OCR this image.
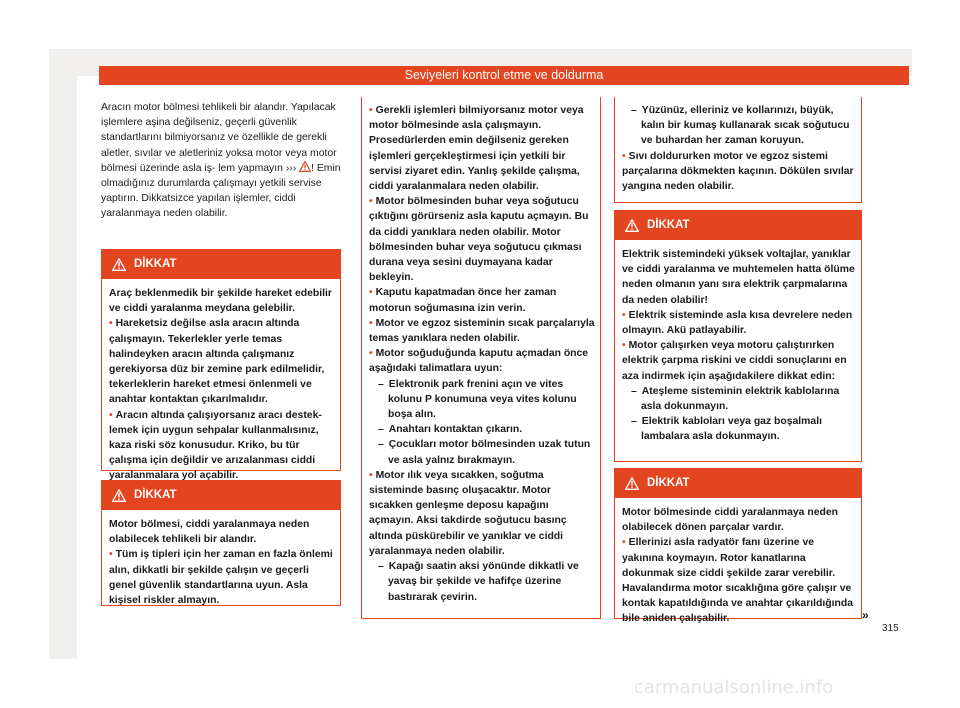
Seviyeleri kontrol etme ve doldurma
Aracın motor bölmesi tehlikeli bir alandır. Yapılacak işlemlere aşina değilseniz, geçerli güvenlik standartlarını bilmiyorsanız ve özellikle de gerekli aletler, sıvılar ve aletleriniz yoksa motor veya motor bölmesi üzerinde asla iş- lem yapmayın ››› ! Emin olmadığınız durumlarda çalışmayı yetkili servise yaptırın. Dikkatsizce yapılan işlemler, ciddi yaralanmaya neden olabilir.
DİKKAT

Araç beklenmedik bir şekilde hareket edebilir ve ciddi yaralanma meydana gelebilir.

• Hareketsiz değilse asla aracın altında çalışmayın. Tekerlekler yerle temas halindeyken aracın altında çalışmanız gerekiyorsa düz bir zemine park edilmelidir, tekerleklerin hareket etmesi önlenmeli ve anahtar kontaktan çıkarılmalıdır.

• Aracın altında çalışıyorsanız aracı destek- lemek için uygun sehpalar kullanmalısınız, kaza riski söz konusudur. Kriko, bu tür çalışma için değildir ve arızalanması ciddi yaralanmalara yol açabilir.

DİKKAT

Motor bölmesi, ciddi yaralanmaya neden olabilecek tehlikeli bir alandır.

• Tüm iş tipleri için her zaman en fazla önlemi alın, dikkatli bir şekilde çalışın ve geçerli genel güvenlik standartlarına uyun. Asla kişisel riskler almayın.

• Gerekli işlemleri bilmiyorsanız motor veya motor bölmesinde asla çalışmayın. Prosedürlerden emin değilseniz gereken işlemleri gerçekleştirmesi için yetkili bir servisi ziyaret edin. Yanlış şekilde çalışma, ciddi yaralanmalara neden olabilir.

• Motor bölmesinden buhar veya soğutucu çıktığını görürseniz asla kaputu açmayın. Bu da ciddi yanıklara neden olabilir. Motor bölmesinden buhar veya soğutucu çıkması durana veya sesini duymayana kadar bekleyin.

• Kaputu kapatmadan önce her zaman motorun soğumasına izin verin.

• Motor ve egzoz sisteminin sıcak parçalarıyla temas yanıklara neden olabilir.

• Motor soğuduğunda kaputu açmadan önce aşağıdaki talimatlara uyun:

– Elektronik park frenini açın ve vites kolunu P konumuna veya vites kolunu boşa alın.

– Anahtarı kontaktan çıkarın.

– Çocukları motor bölmesinden uzak tutun ve asla yalnız bırakmayın.

• Motor ılık veya sıcakken, soğutma sisteminde basınç oluşacaktır. Motor sıcakken genleşme deposu kapağını açmayın. Aksi takdirde soğutucu basınç altında püskürebilir ve yanıklar ve ciddi yaralanmaya neden olabilir.

– Kapağı saatin aksi yönünde dikkatli ve yavaş bir şekilde ve hafifçe üzerine bastırarak çevirin.

– Yüzünüz, elleriniz ve kollarınızı, büyük, kalın bir kumaş kullanarak sıcak soğutucu ve buhardan her zaman koruyun.

• Sıvı doldururken motor ve egzoz sistemi parçalarına dökmekten kaçının. Dökülen sıvılar yangına neden olabilir.

DİKKAT

Elektrik sistemindeki yüksek voltajlar, yanıklar ve ciddi yaralanma ve muhtemelen hatta ölüme neden olmanın yanı sıra elektrik çarpmalarına da neden olabilir!

• Elektrik sisteminde asla kısa devrelere neden olmayın. Akü patlayabilir.

• Motor çalışırken veya motoru çalıştırırken elektrik çarpma riskini ve ciddi sonuçlarını en aza indirmek için aşağıdakilere dikkat edin:

– Ateşleme sisteminin elektrik kablolarına asla dokunmayın.

– Elektrik kabloları veya gaz boşalmalı lambalara asla dokunmayın.

DİKKAT

Motor bölmesinde ciddi yaralanmaya neden olabilecek dönen parçalar vardır.

• Ellerinizi asla radyatör fanı üzerine ve yakınına koymayın. Rotor kanatlarına dokunmak size ciddi şekilde zarar verebilir. Havalandırma motor sıcaklığına göre çalışır ve kontak kapatıldığında ve anahtar çıkarıldığında bile aniden çalışabilir.	»
315
carmanualsonline.info
